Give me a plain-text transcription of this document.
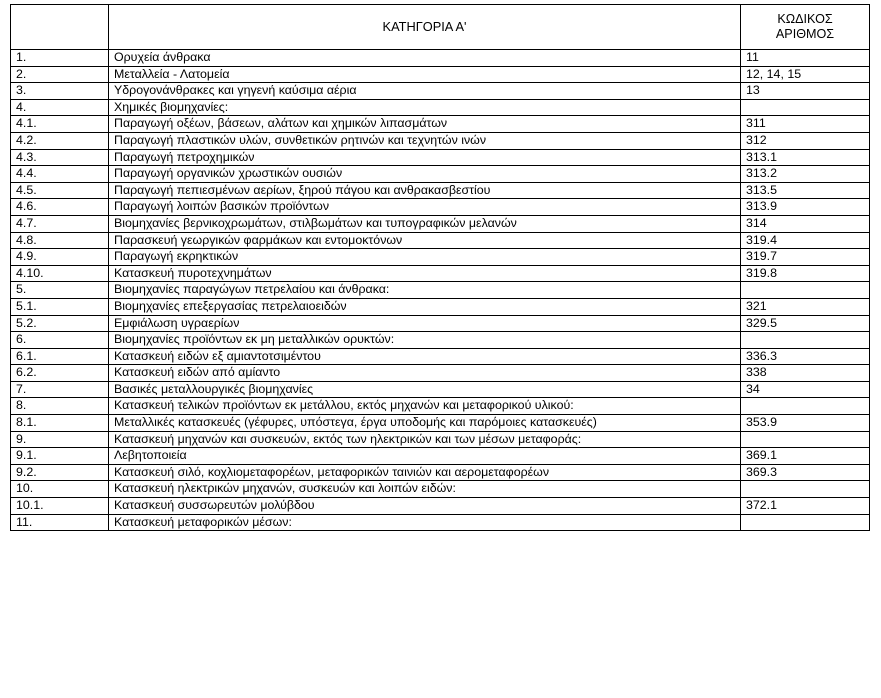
	ΚΑΤΗΓΟΡΙΑ Α'	ΚΩΔΙΚΟΣ
ΑΡΙΘΜΟΣ

1.	Ορυχεία άνθρακα	11
2.	Μεταλλεία - Λατομεία	12, 14, 15
3.	Υδρογονάνθρακες και γηγενή καύσιμα αέρια	13
4.	Χημικές βιομηχανίες:	
4.1.	Παραγωγή οξέων, βάσεων, αλάτων και χημικών λιπασμάτων	311
4.2.	Παραγωγή πλαστικών υλών, συνθετικών ρητινών και τεχνητών ινών	312
4.3.	Παραγωγή πετροχημικών	313.1
4.4.	Παραγωγή οργανικών χρωστικών ουσιών	313.2
4.5.	Παραγωγή πεπιεσμένων αερίων, ξηρού πάγου και ανθρακασβεστίου	313.5
4.6.	Παραγωγή λοιπών βασικών προϊόντων	313.9
4.7.	Βιομηχανίες βερνικοχρωμάτων, στιλβωμάτων και τυπογραφικών μελανών	314
4.8.	Παρασκευή γεωργικών φαρμάκων και εντομοκτόνων	319.4
4.9.	Παραγωγή εκρηκτικών	319.7
4.10.	Κατασκευή πυροτεχνημάτων	319.8
5.	Βιομηχανίες παραγώγων πετρελαίου και άνθρακα:	
5.1.	Βιομηχανίες επεξεργασίας πετρελαιοειδών	321
5.2.	Εμφιάλωση υγραερίων	329.5
6.	Βιομηχανίες προϊόντων εκ μη μεταλλικών ορυκτών:	
6.1.	Κατασκευή ειδών εξ αμιαντοτσιμέντου	336.3
6.2.	Κατασκευή ειδών από αμίαντο	338
7.	Βασικές μεταλλουργικές βιομηχανίες	34
8.	Κατασκευή τελικών προϊόντων εκ μετάλλου, εκτός μηχανών και μεταφορικού υλικού:	
8.1.	Μεταλλικές κατασκευές (γέφυρες, υπόστεγα, έργα υποδομής και παρόμοιες κατασκευές)	353.9
9.	Κατασκευή μηχανών και συσκευών, εκτός των ηλεκτρικών και των μέσων μεταφοράς:	
9.1.	Λεβητοποιεία	369.1
9.2.	Κατασκευή σιλό, κοχλιομεταφορέων, μεταφορικών ταινιών και αερομεταφορέων	369.3
10.	Κατασκευή ηλεκτρικών μηχανών, συσκευών και λοιπών ειδών:	
10.1.	Κατασκευή συσσωρευτών μολύβδου	372.1
11.	Κατασκευή μεταφορικών μέσων:	
